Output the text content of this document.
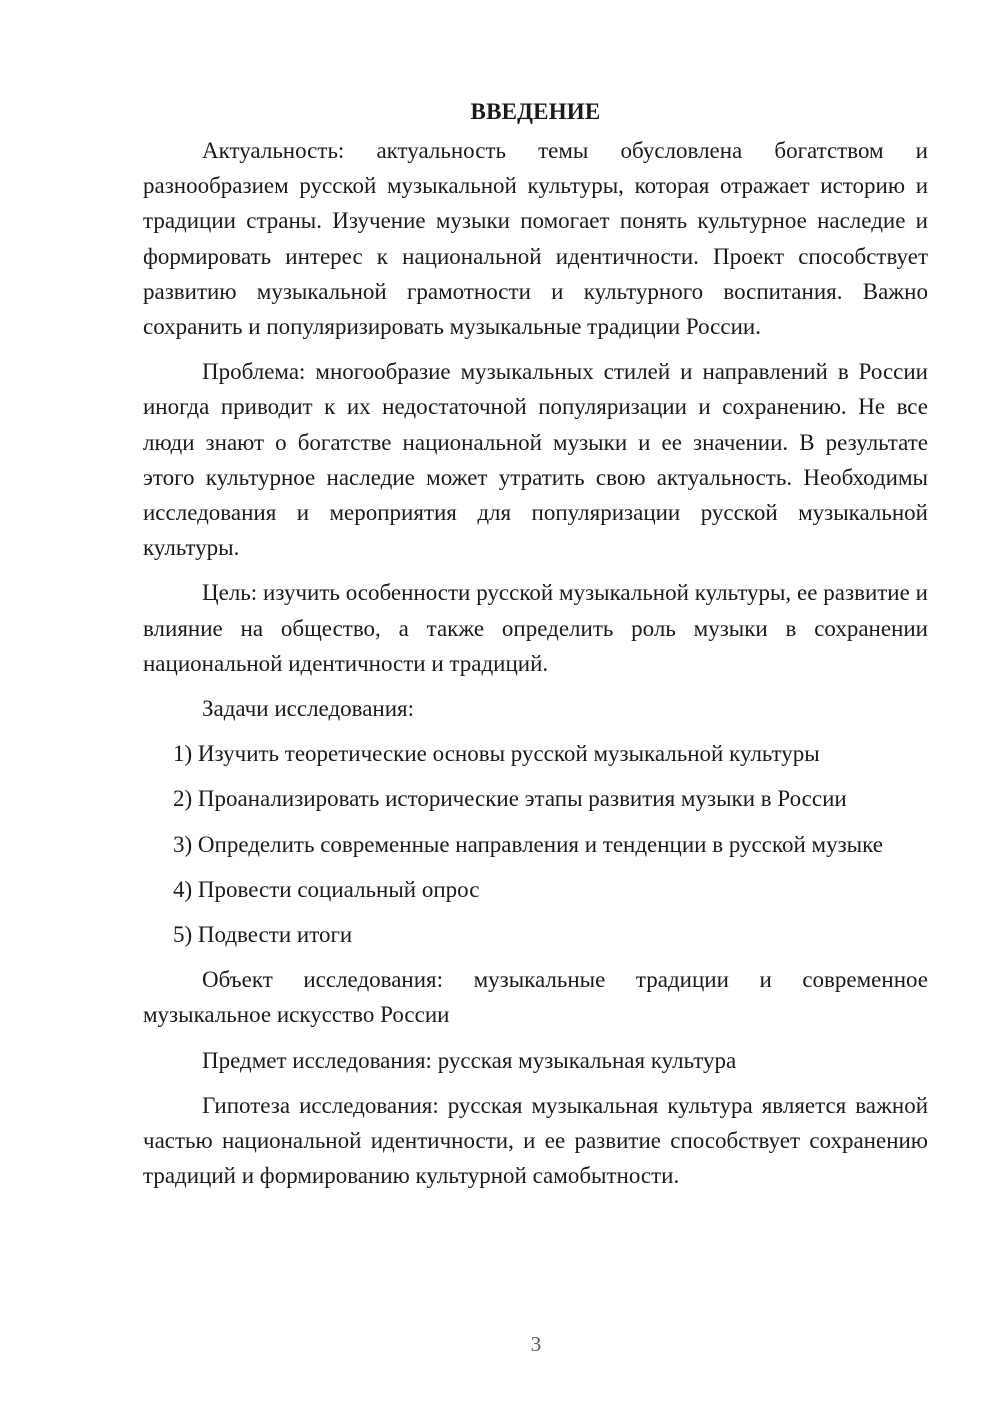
ВВЕДЕНИЕ

Актуальность: актуальность темы обусловлена богатством и разнообразием русской музыкальной культуры, которая отражает историю и традиции страны. Изучение музыки помогает понять культурное наследие и формировать интерес к национальной идентичности. Проект способствует развитию музыкальной грамотности и культурного воспитания. Важно сохранить и популяризировать музыкальные традиции России.

Проблема: многообразие музыкальных стилей и направлений в России иногда приводит к их недостаточной популяризации и сохранению. Не все люди знают о богатстве национальной музыки и ее значении. В результате этого культурное наследие может утратить свою актуальность. Необходимы исследования и мероприятия для популяризации русской музыкальной культуры.

Цель: изучить особенности русской музыкальной культуры, ее развитие и влияние на общество, а также определить роль музыки в сохранении национальной идентичности и традиций.

Задачи исследования:

1) Изучить теоретические основы русской музыкальной культуры

2) Проанализировать исторические этапы развития музыки в России

3) Определить современные направления и тенденции в русской музыке

4) Провести социальный опрос

5) Подвести итоги

Объект исследования: музыкальные традиции и современное музыкальное искусство России

Предмет исследования: русская музыкальная культура

Гипотеза исследования: русская музыкальная культура является важной частью национальной идентичности, и ее развитие способствует сохранению традиций и формированию культурной самобытности.

3
